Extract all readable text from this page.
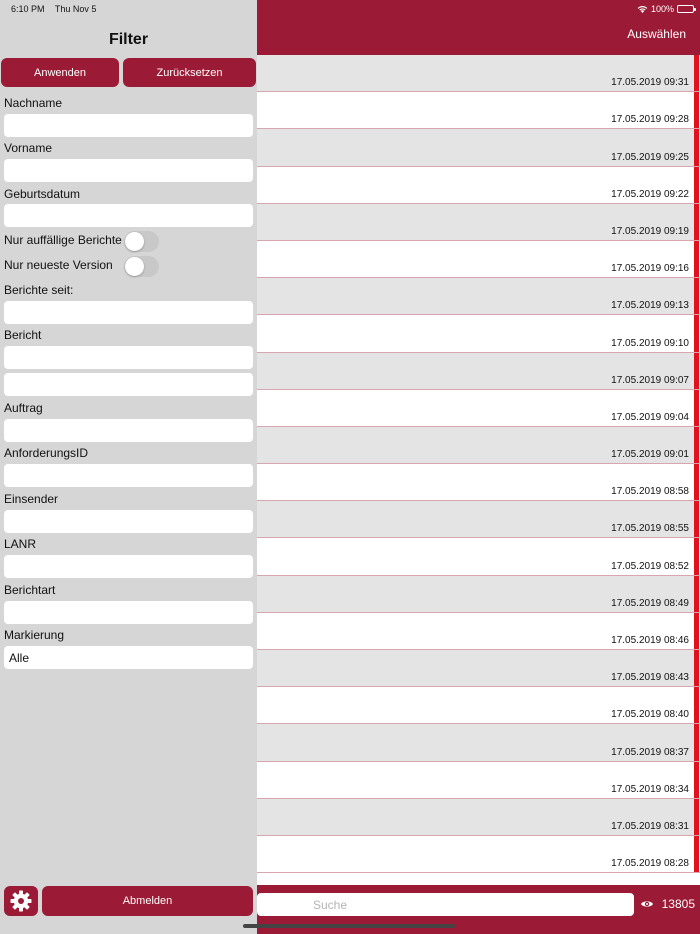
6:10 PM Thu Nov 5	100%
Filter
Anwenden	Zurücksetzen
Nachname
Vorname
Geburtsdatum
Nur auffällige Berichte
Nur neueste Version
Berichte seit:
Bericht
Auftrag
AnforderungsID
Einsender
LANR
Berichtart
Markierung
Alle
Abmelden
Auswählen
17.05.2019 09:31
17.05.2019 09:28
17.05.2019 09:25
17.05.2019 09:22
17.05.2019 09:19
17.05.2019 09:16
17.05.2019 09:13
17.05.2019 09:10
17.05.2019 09:07
17.05.2019 09:04
17.05.2019 09:01
17.05.2019 08:58
17.05.2019 08:55
17.05.2019 08:52
17.05.2019 08:49
17.05.2019 08:46
17.05.2019 08:43
17.05.2019 08:40
17.05.2019 08:37
17.05.2019 08:34
17.05.2019 08:31
17.05.2019 08:28
Suche
13805
